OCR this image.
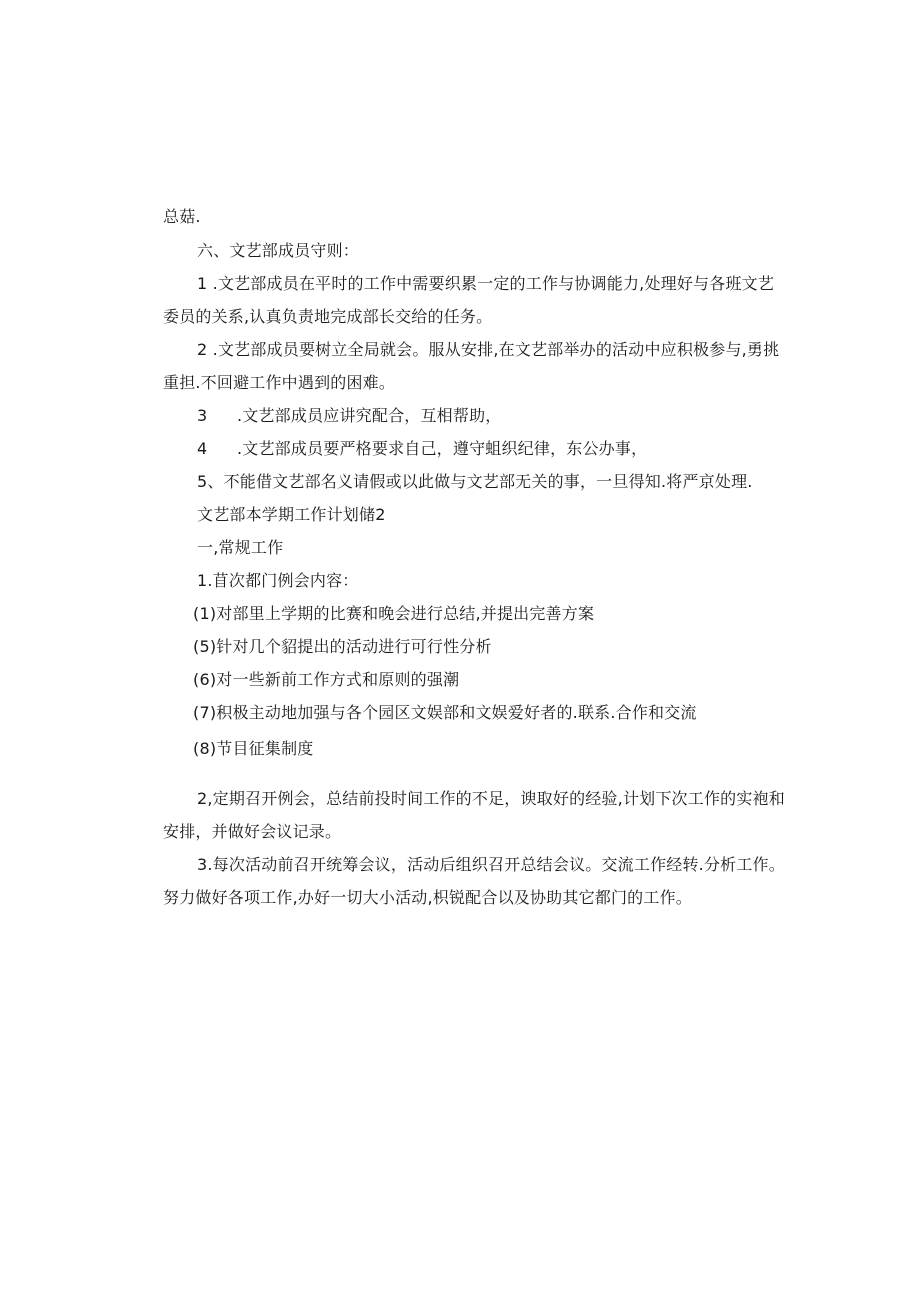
总菇.
六、文艺部成员守则：
1 .文艺部成员在平时的工作中需要织累一定的工作与协调能力,处理好与各班文艺
委员的关系,认真负责地完成部长交给的任务。
2 .文艺部成员要树立全局就会。服从安排,在文艺部举办的活动中应积极参与,勇挑
重担.不回避工作中遇到的困难。
3 .文艺部成员应讲究配合，互相帮助，
4 .文艺部成员要严格要求自己，遵守蛆织纪律，东公办事，
5、不能借文艺部名义请假或以此做与文艺部无关的事，一旦得知.将严京处理.
文艺部本学期工作计划储2
一,常规工作
1.苜次都门例会内容：
(1)对部里上学期的比赛和晚会进行总结,并提出完善方案
(5)针对几个貂提出的活动进行可行性分析
(6)对一些新前工作方式和原则的强潮
(7)积极主动地加强与各个园区文娱部和文娱爱好者的.联系.合作和交流
(8)节目征集制度
2,定期召开例会，总结前投时间工作的不足，谀取好的经验,计划下次工作的实袍和
安排，并做好会议记录。
3.每次活动前召开统筹会议，活动后组织召开总结会议。交流工作经转.分析工作。
努力做好各项工作,办好一切大小活动,枳锐配合以及协助其它都门的工作。
